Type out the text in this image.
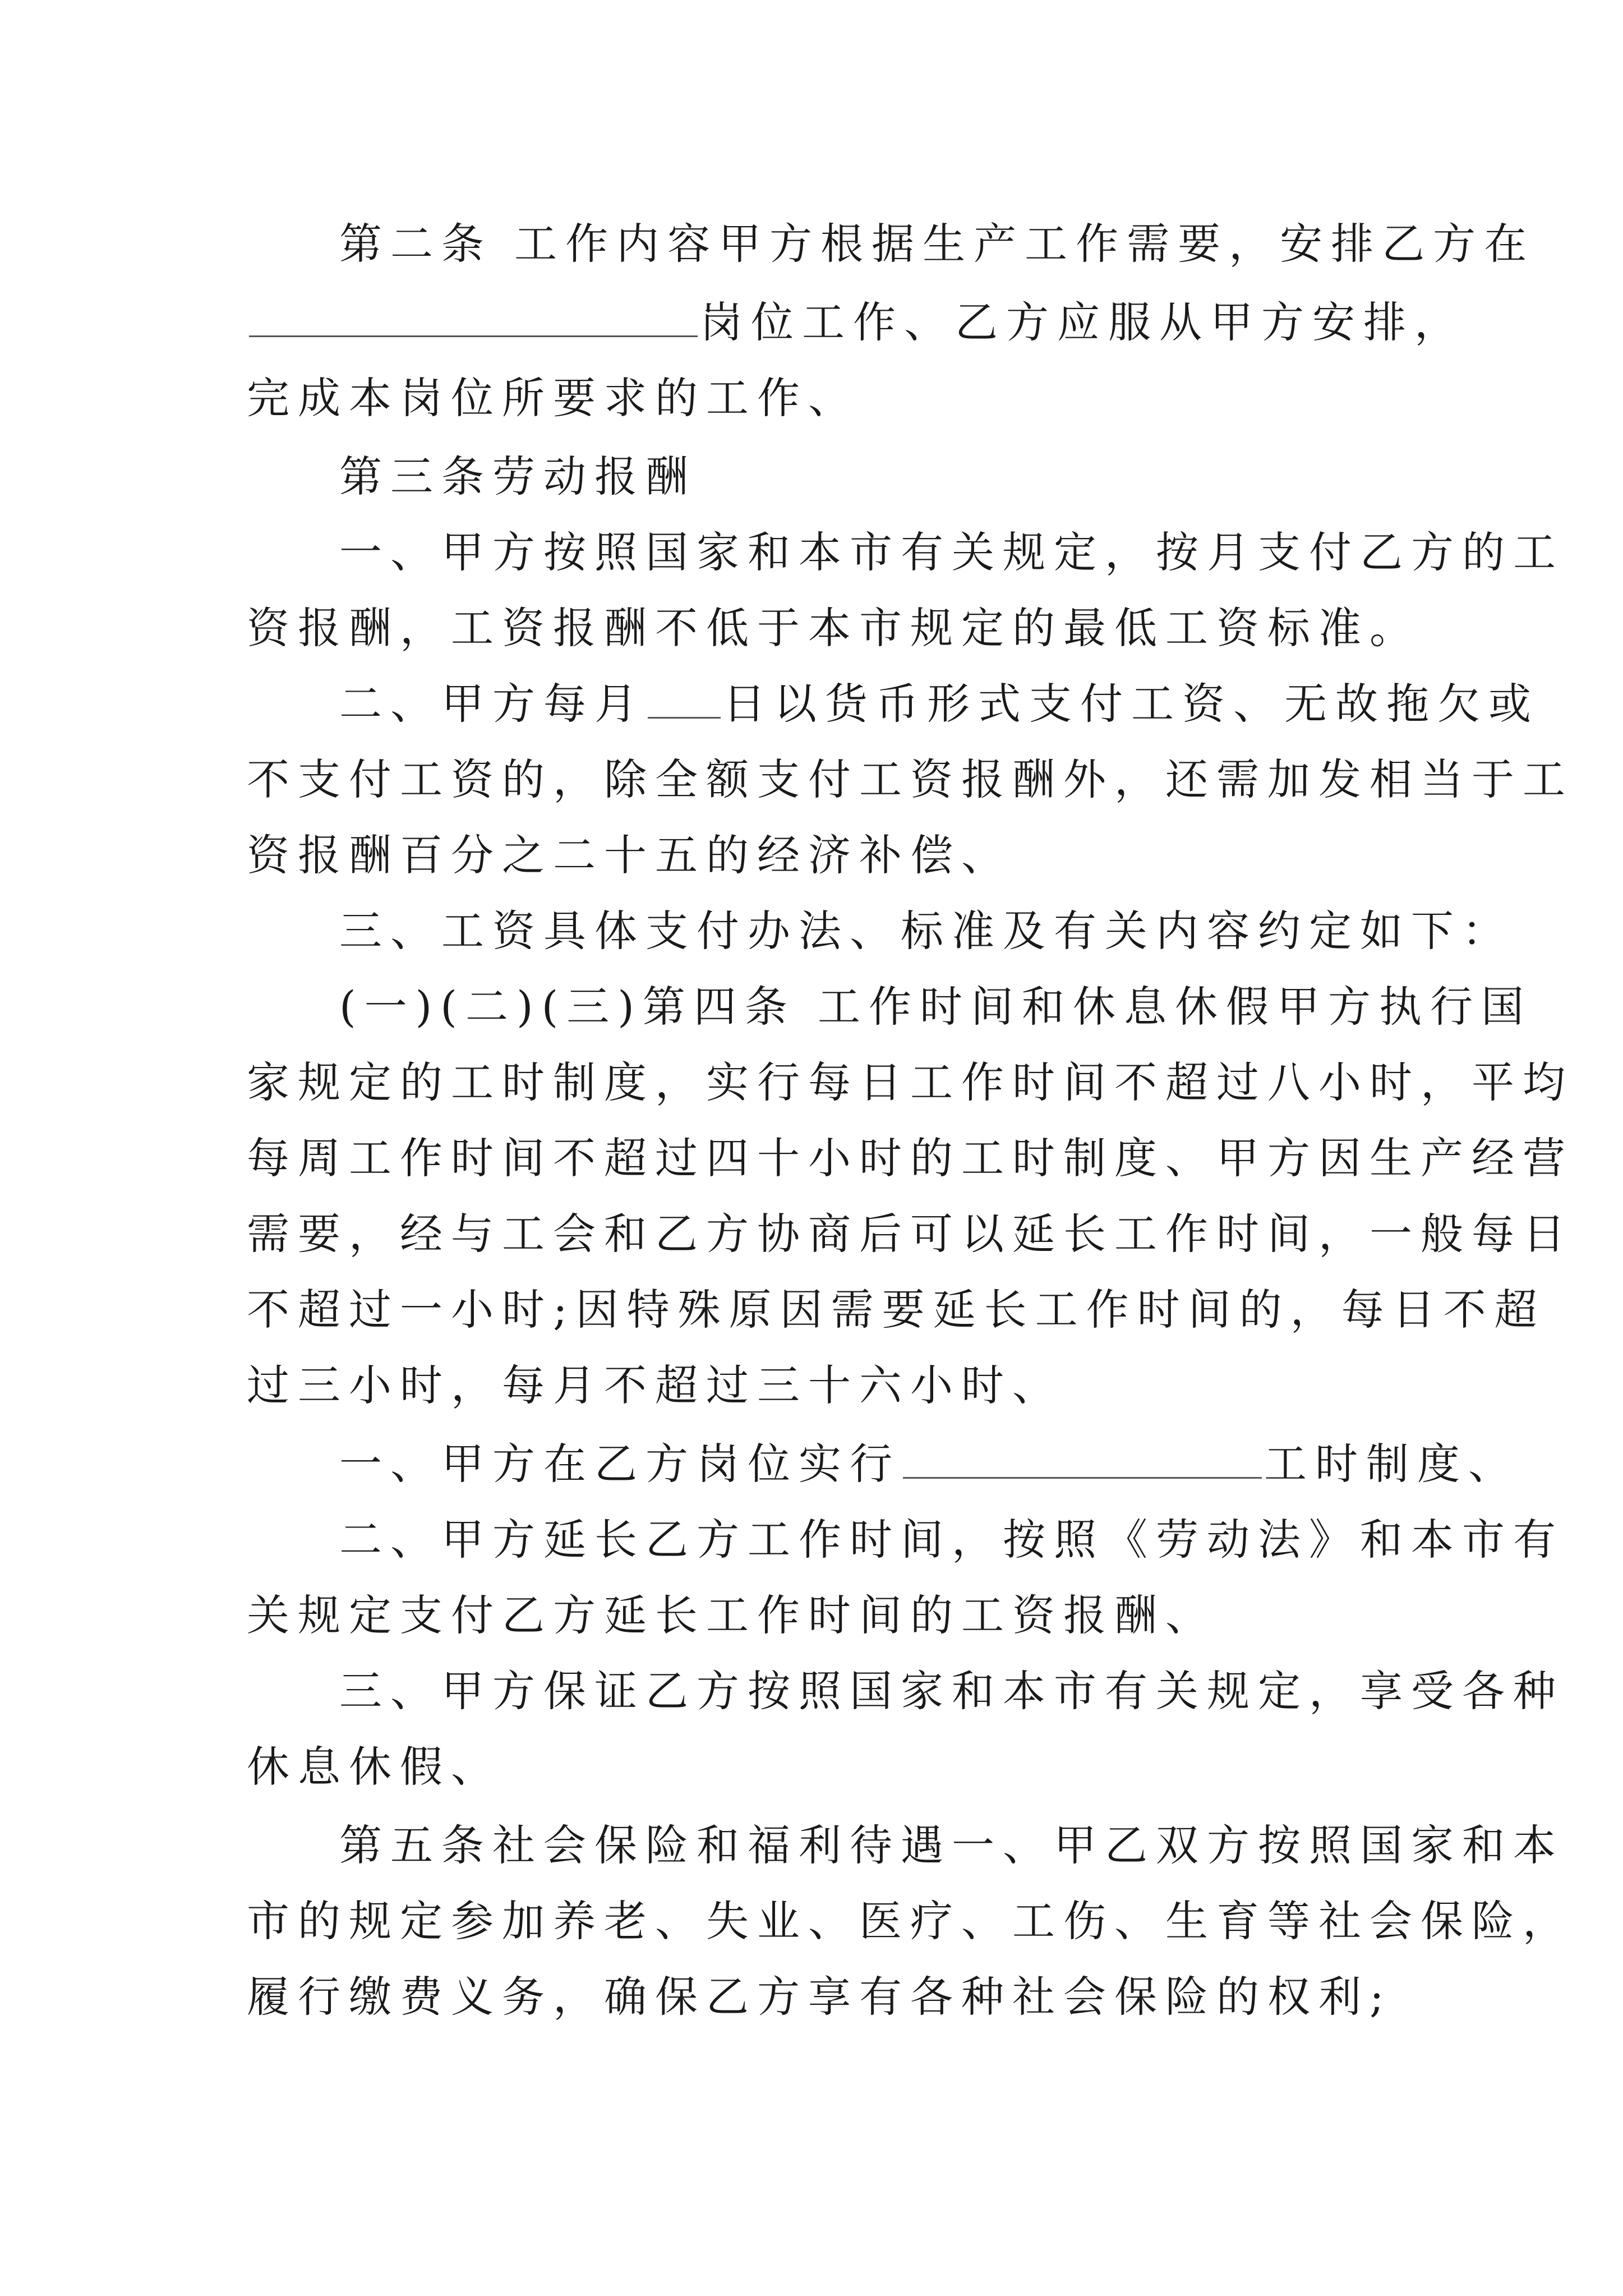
第二条 工作内容甲方根据生产工作需要，安排乙方在
岗位工作、乙方应服从甲方安排，
完成本岗位所要求的工作、
第三条劳动报酬
一、甲方按照国家和本市有关规定，按月支付乙方的工
资报酬，工资报酬不低于本市规定的最低工资标准。
二、甲方每月 日以货币形式支付工资、无故拖欠或
不支付工资的，除全额支付工资报酬外，还需加发相当于工
资报酬百分之二十五的经济补偿、
三、工资具体支付办法、标准及有关内容约定如下：
(一)(二)(三)第四条 工作时间和休息休假甲方执行国
家规定的工时制度，实行每日工作时间不超过八小时，平均
每周工作时间不超过四十小时的工时制度、甲方因生产经营
需要，经与工会和乙方协商后可以延长工作时间，一般每日
不超过一小时;因特殊原因需要延长工作时间的，每日不超
过三小时，每月不超过三十六小时、
一、甲方在乙方岗位实行	工时制度、
二、甲方延长乙方工作时间，按照《劳动法》和本市有
关规定支付乙方延长工作时间的工资报酬、
三、甲方保证乙方按照国家和本市有关规定，享受各种
休息休假、
第五条社会保险和福利待遇一、甲乙双方按照国家和本
市的规定参加养老、失业、医疗、工伤、生育等社会保险，
履行缴费义务，确保乙方享有各种社会保险的权利;
